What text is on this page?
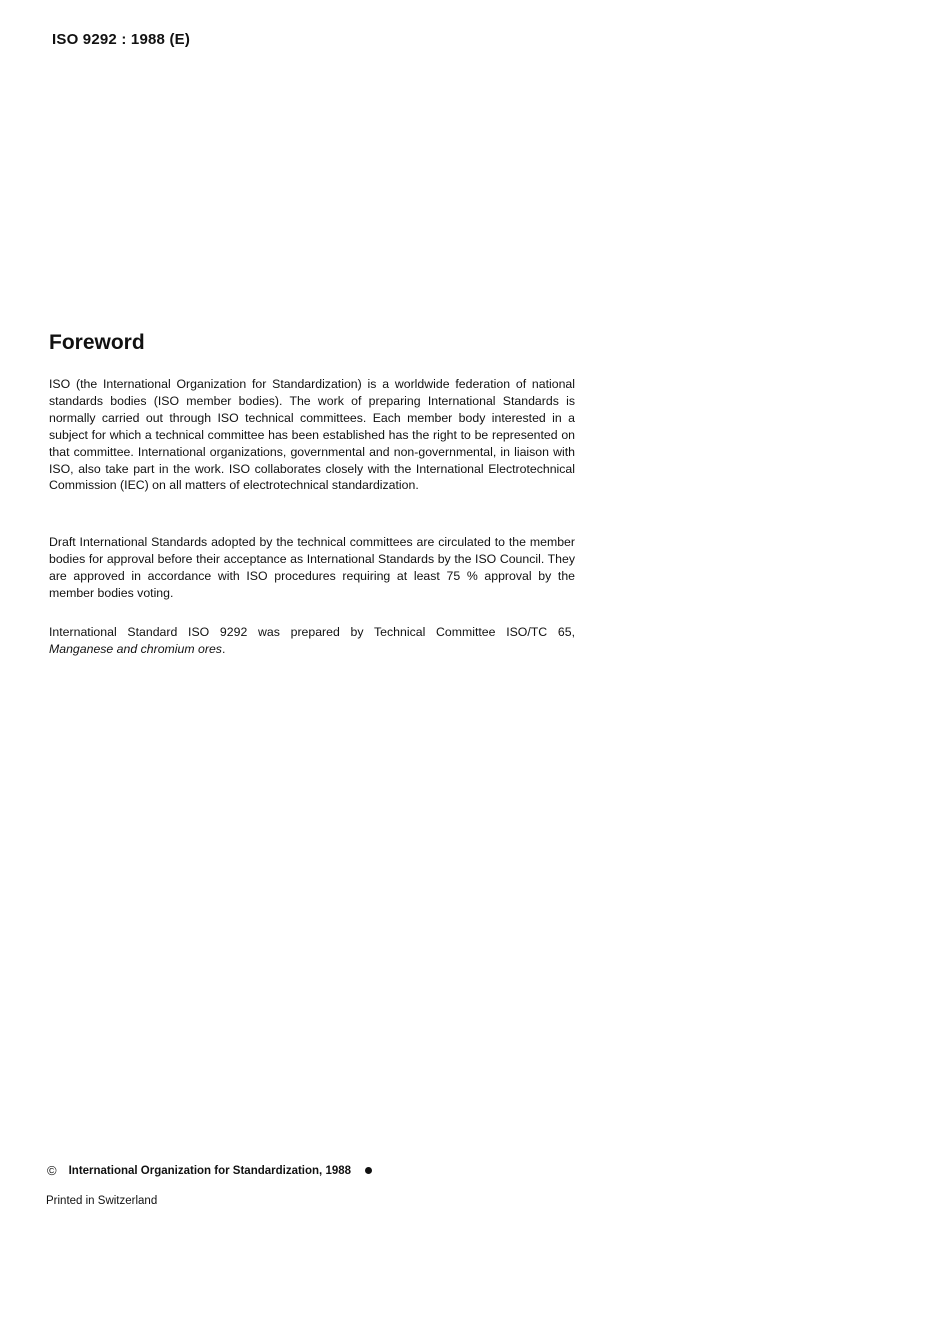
ISO 9292 : 1988 (E)
Foreword

ISO (the International Organization for Standardization) is a worldwide federation of national standards bodies (ISO member bodies). The work of preparing International Standards is normally carried out through ISO technical committees. Each member body interested in a subject for which a technical committee has been established has the right to be represented on that committee. International organizations, governmental and non-governmental, in liaison with ISO, also take part in the work. ISO collaborates closely with the International Electrotechnical Commission (IEC) on all matters of electrotechnical standardization.

Draft International Standards adopted by the technical committees are circulated to the member bodies for approval before their acceptance as International Standards by the ISO Council. They are approved in accordance with ISO procedures requiring at least 75 % approval by the member bodies voting.

International Standard ISO 9292 was prepared by Technical Committee ISO/TC 65,
Manganese and chromium ores.

© International Organization for Standardization, 1988
Printed in Switzerland
